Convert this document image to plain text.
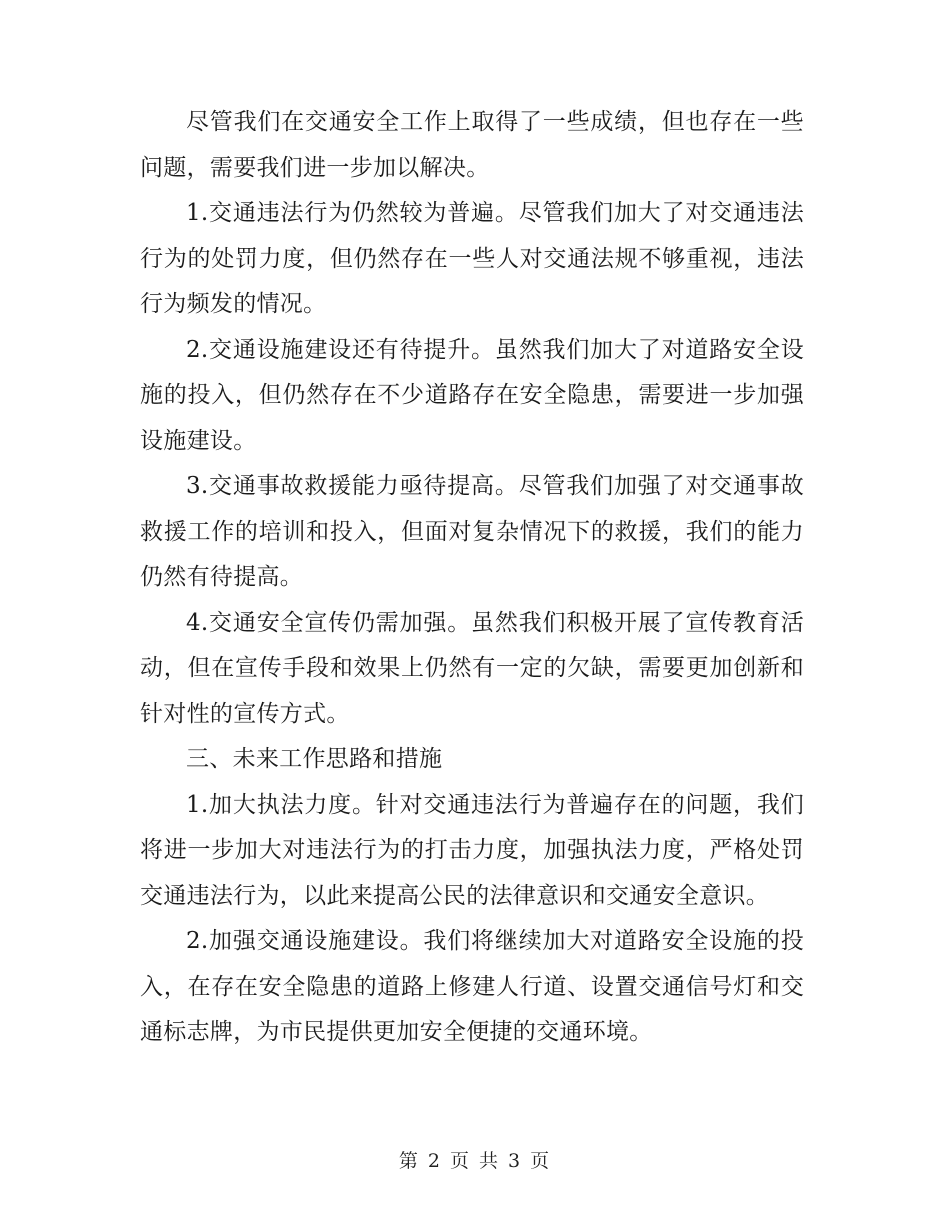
尽管我们在交通安全工作上取得了一些成绩，但也存在一些问题，需要我们进一步加以解决。

1.交通违法行为仍然较为普遍。尽管我们加大了对交通违法行为的处罚力度，但仍然存在一些人对交通法规不够重视，违法行为频发的情况。

2.交通设施建设还有待提升。虽然我们加大了对道路安全设施的投入，但仍然存在不少道路存在安全隐患，需要进一步加强设施建设。

3.交通事故救援能力亟待提高。尽管我们加强了对交通事故救援工作的培训和投入，但面对复杂情况下的救援，我们的能力仍然有待提高。

4.交通安全宣传仍需加强。虽然我们积极开展了宣传教育活动，但在宣传手段和效果上仍然有一定的欠缺，需要更加创新和针对性的宣传方式。

三、未来工作思路和措施

1.加大执法力度。针对交通违法行为普遍存在的问题，我们将进一步加大对违法行为的打击力度，加强执法力度，严格处罚交通违法行为，以此来提高公民的法律意识和交通安全意识。

2.加强交通设施建设。我们将继续加大对道路安全设施的投入，在存在安全隐患的道路上修建人行道、设置交通信号灯和交通标志牌，为市民提供更加安全便捷的交通环境。

第 2 页 共 3 页
